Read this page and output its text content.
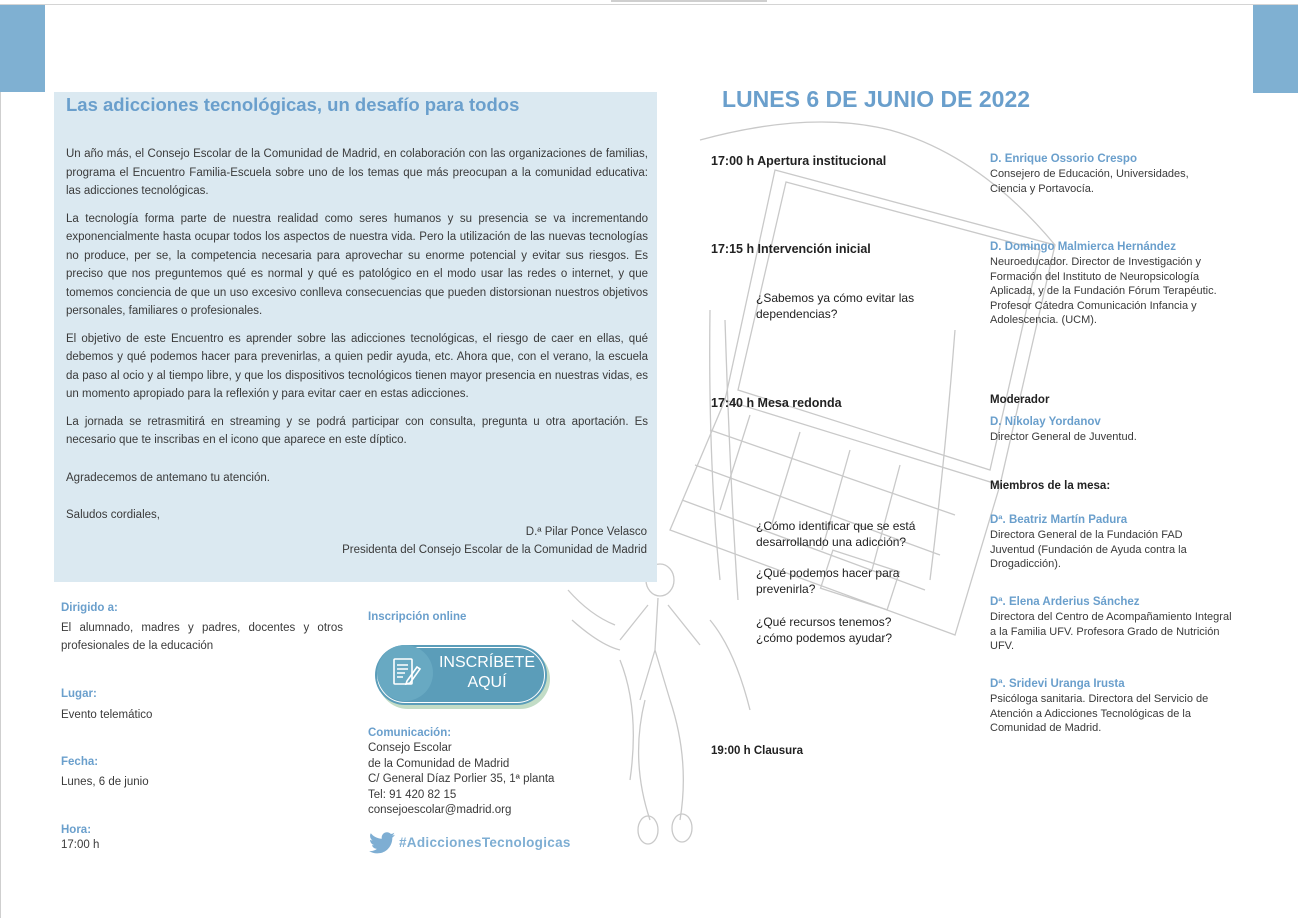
Las adicciones tecnológicas, un desafío para todos

Un año más, el Consejo Escolar de la Comunidad de Madrid, en colaboración con las organizaciones de familias, programa el Encuentro Familia-Escuela sobre uno de los temas que más preocupan a la comunidad educativa: las adicciones tecnológicas.

La tecnología forma parte de nuestra realidad como seres humanos y su presencia se va incrementando exponencialmente hasta ocupar todos los aspectos de nuestra vida. Pero la utilización de las nuevas tecnologías no produce, per se, la competencia necesaria para aprovechar su enorme potencial y evitar sus riesgos. Es preciso que nos preguntemos qué es normal y qué es patológico en el modo usar las redes o internet, y que tomemos conciencia de que un uso excesivo conlleva consecuencias que pueden distorsionan nuestros objetivos personales, familiares o profesionales.

El objetivo de este Encuentro es aprender sobre las adicciones tecnológicas, el riesgo de caer en ellas, qué debemos y qué podemos hacer para prevenirlas, a quien pedir ayuda, etc. Ahora que, con el verano, la escuela da paso al ocio y al tiempo libre, y que los dispositivos tecnológicos tienen mayor presencia en nuestras vidas, es un momento apropiado para la reflexión y para evitar caer en estas adicciones.

La jornada se retrasmitirá en streaming y se podrá participar con consulta, pregunta u otra aportación. Es necesario que te inscribas en el icono que aparece en este díptico.

Agradecemos de antemano tu atención.

Saludos cordiales,

D.ª Pilar Ponce Velasco
Presidenta del Consejo Escolar de la Comunidad de Madrid
Dirigido a:
El alumnado, madres y padres, docentes y otros profesionales de la educación
Lugar:
Evento telemático
Fecha:
Lunes, 6 de junio
Hora:
17:00 h
Inscripción online
INSCRÍBETE
AQUÍ
Comunicación:
Consejo Escolar
de la Comunidad de Madrid
C/ General Díaz Porlier 35, 1ª planta
Tel: 91 420 82 15
consejoescolar@madrid.org
#AdiccionesTecnologicas
LUNES 6 DE JUNIO DE 2022
17:00 h Apertura institucional	D. Enrique Ossorio Crespo
Consejero de Educación, Universidades, Ciencia y Portavocía.
17:15 h Intervención inicial
¿Sabemos ya cómo evitar las dependencias?
D. Domingo Malmierca Hernández
Neuroeducador. Director de Investigación y Formación del Instituto de Neuropsicología Aplicada, y de la Fundación Fórum Terapéutic. Profesor Cátedra Comunicación Infancia y Adolescencia. (UCM).
17:40 h Mesa redonda	Moderador
D. Nikolay Yordanov
Director General de Juventud.
Miembros de la mesa:
¿Cómo identificar que se está desarrollando una adicción?
¿Qué podemos hacer para prevenirla?
¿Qué recursos tenemos? ¿cómo podemos ayudar?
Dª. Beatriz Martín Padura
Directora General de la Fundación FAD Juventud (Fundación de Ayuda contra la Drogadicción).
Dª. Elena Arderius Sánchez
Directora del Centro de Acompañamiento Integral a la Familia UFV. Profesora Grado de Nutrición UFV.
Dª. Sridevi Uranga Irusta
Psicóloga sanitaria. Directora del Servicio de Atención a Adicciones Tecnológicas de la Comunidad de Madrid.
19:00 h Clausura
